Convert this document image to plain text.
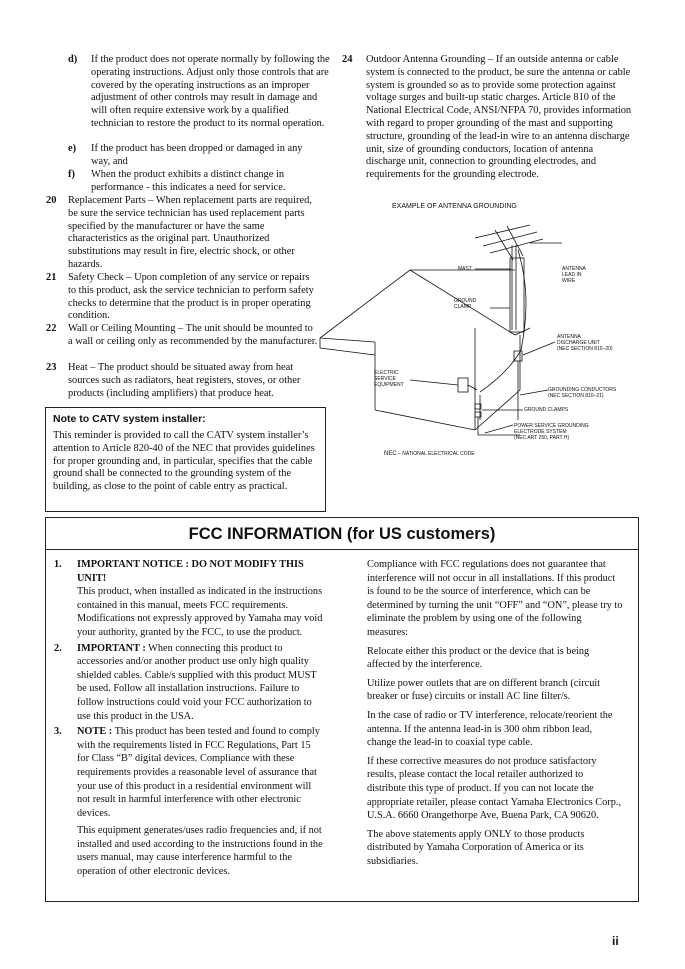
d) If the product does not operate normally by following the operating instructions. Adjust only those controls that are covered by the operating instructions as an improper adjustment of other controls may result in damage and will often require extensive work by a qualified technician to restore the product to its normal operation.
e) If the product has been dropped or damaged in any way, and
f) When the product exhibits a distinct change in performance - this indicates a need for service.
20 Replacement Parts – When replacement parts are required, be sure the service technician has used replacement parts specified by the manufacturer or have the same characteristics as the original part. Unauthorized substitutions may result in fire, electric shock, or other hazards.
21 Safety Check – Upon completion of any service or repairs to this product, ask the service technician to perform safety checks to determine that the product is in proper operating condition.
22 Wall or Ceiling Mounting – The unit should be mounted to a wall or ceiling only as recommended by the manufacturer.
23 Heat – The product should be situated away from heat sources such as radiators, heat registers, stoves, or other products (including amplifiers) that produce heat.
Note to CATV system installer:
This reminder is provided to call the CATV system installer’s attention to Article 820-40 of the NEC that provides guidelines for proper grounding and, in particular, specifies that the cable ground shall be connected to the grounding system of the building, as close to the point of cable entry as practical.
24 Outdoor Antenna Grounding – If an outside antenna or cable system is connected to the product, be sure the antenna or cable system is grounded so as to provide some protection against voltage surges and built-up static charges. Article 810 of the National Electrical Code, ANSI/NFPA 70, provides information with regard to proper grounding of the mast and supporting structure, grounding of the lead-in wire to an antenna discharge unit, size of grounding conductors, location of antenna discharge unit, connection to grounding electrodes, and requirements for the grounding electrode.
EXAMPLE OF ANTENNA GROUNDING
MAST	ANTENNA
LEAD IN
WIRE
GROUND
CLAMP
ANTENNA
DISCHARGE UNIT
(NEC SECTION 810–20)
ELECTRIC
SERVICE
EQUIPMENT
GROUNDING CONDUCTORS
(NEC SECTION 810–21)
GROUND CLAMPS
POWER SERVICE GROUNDING
ELECTRODE SYSTEM
(NEC ART 250, PART H)
NEC – NATIONAL ELECTRICAL CODE
FCC INFORMATION (for US customers)
1. IMPORTANT NOTICE : DO NOT MODIFY THIS UNIT!
This product, when installed as indicated in the instructions contained in this manual, meets FCC requirements. Modifications not expressly approved by Yamaha may void your authority, granted by the FCC, to use the product.
2. IMPORTANT : When connecting this product to accessories and/or another product use only high quality shielded cables. Cable/s supplied with this product MUST be used. Follow all installation instructions. Failure to follow instructions could void your FCC authorization to use this product in the USA.
3. NOTE : This product has been tested and found to comply with the requirements listed in FCC Regulations, Part 15 for Class “B” digital devices. Compliance with these requirements provides a reasonable level of assurance that your use of this product in a residential environment will not result in harmful interference with other electronic devices.
This equipment generates/uses radio frequencies and, if not installed and used according to the instructions found in the users manual, may cause interference harmful to the operation of other electronic devices.

Compliance with FCC regulations does not guarantee that interference will not occur in all installations. If this product is found to be the source of interference, which can be determined by turning the unit “OFF” and “ON”, please try to eliminate the problem by using one of the following measures:

Relocate either this product or the device that is being affected by the interference.

Utilize power outlets that are on different branch (circuit breaker or fuse) circuits or install AC line filter/s.

In the case of radio or TV interference, relocate/reorient the antenna. If the antenna lead-in is 300 ohm ribbon lead, change the lead-in to coaxial type cable.

If these corrective measures do not produce satisfactory results, please contact the local retailer authorized to distribute this type of product. If you can not locate the appropriate retailer, please contact Yamaha Electronics Corp., U.S.A. 6660 Orangethorpe Ave, Buena Park, CA 90620.

The above statements apply ONLY to those products distributed by Yamaha Corporation of America or its subsidiaries.

ii
